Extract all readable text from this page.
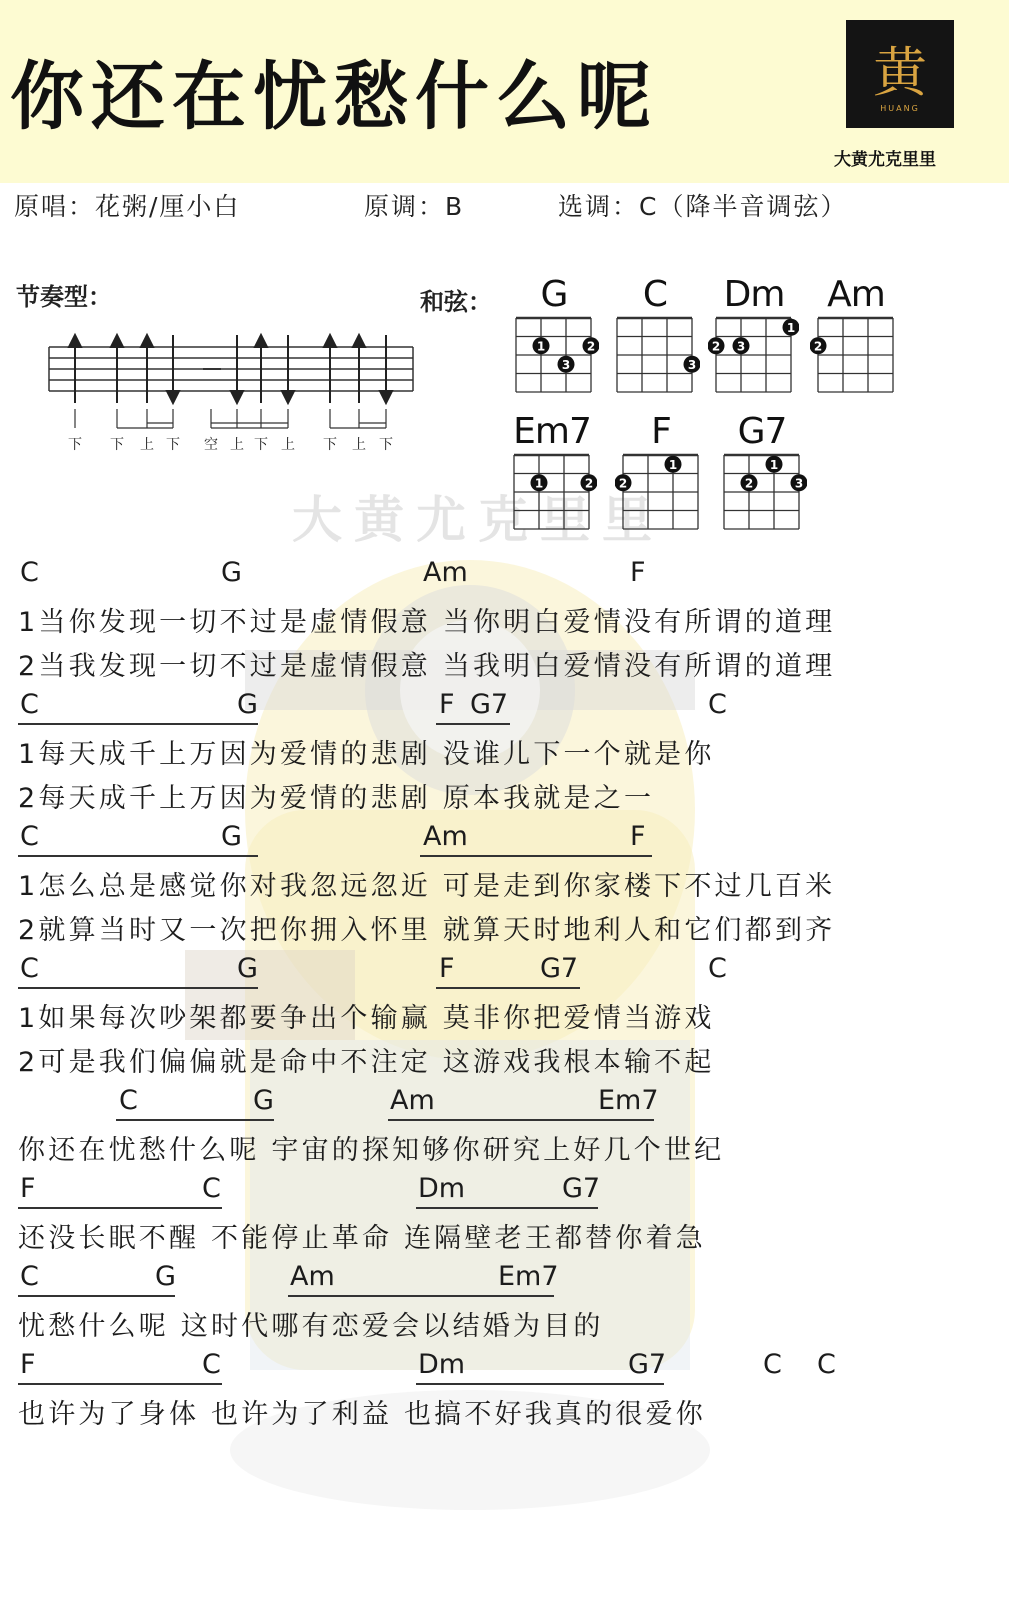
你还在忧愁什么呢	黄
HUANG
大黄尤克里里
原唱：花粥/厘小白	原调：B	选调：C（降半音调弦）
大黄尤克里里
节奏型：
下 下 上 下 空 上 下 上 下 上 下
和弦：	G
1	2
3
C
3
Dm
1
2 3
Am
2
Em7
1	2
F
1
2
G7
1
2	3
C	G	Am	F
C	G	F G7	C
C	G	Am	F
C	G	F	G7	C
C	G	Am	Em7
F	C	Dm	G7
C	G	Am	Em7
F	C	Dm	G7	C C
1当你发现一切不过是虚情假意 当你明白爱情没有所谓的道理
2当我发现一切不过是虚情假意 当我明白爱情没有所谓的道理
1每天成千上万因为爱情的悲剧 没谁儿下一个就是你
2每天成千上万因为爱情的悲剧 原本我就是之一
1怎么总是感觉你对我忽远忽近 可是走到你家楼下不过几百米
2就算当时又一次把你拥入怀里 就算天时地利人和它们都到齐
1如果每次吵架都要争出个输赢 莫非你把爱情当游戏
2可是我们偏偏就是命中不注定 这游戏我根本输不起
你还在忧愁什么呢 宇宙的探知够你研究上好几个世纪
还没长眠不醒 不能停止革命 连隔壁老王都替你着急
忧愁什么呢 这时代哪有恋爱会以结婚为目的
也许为了身体 也许为了利益 也搞不好我真的很爱你
